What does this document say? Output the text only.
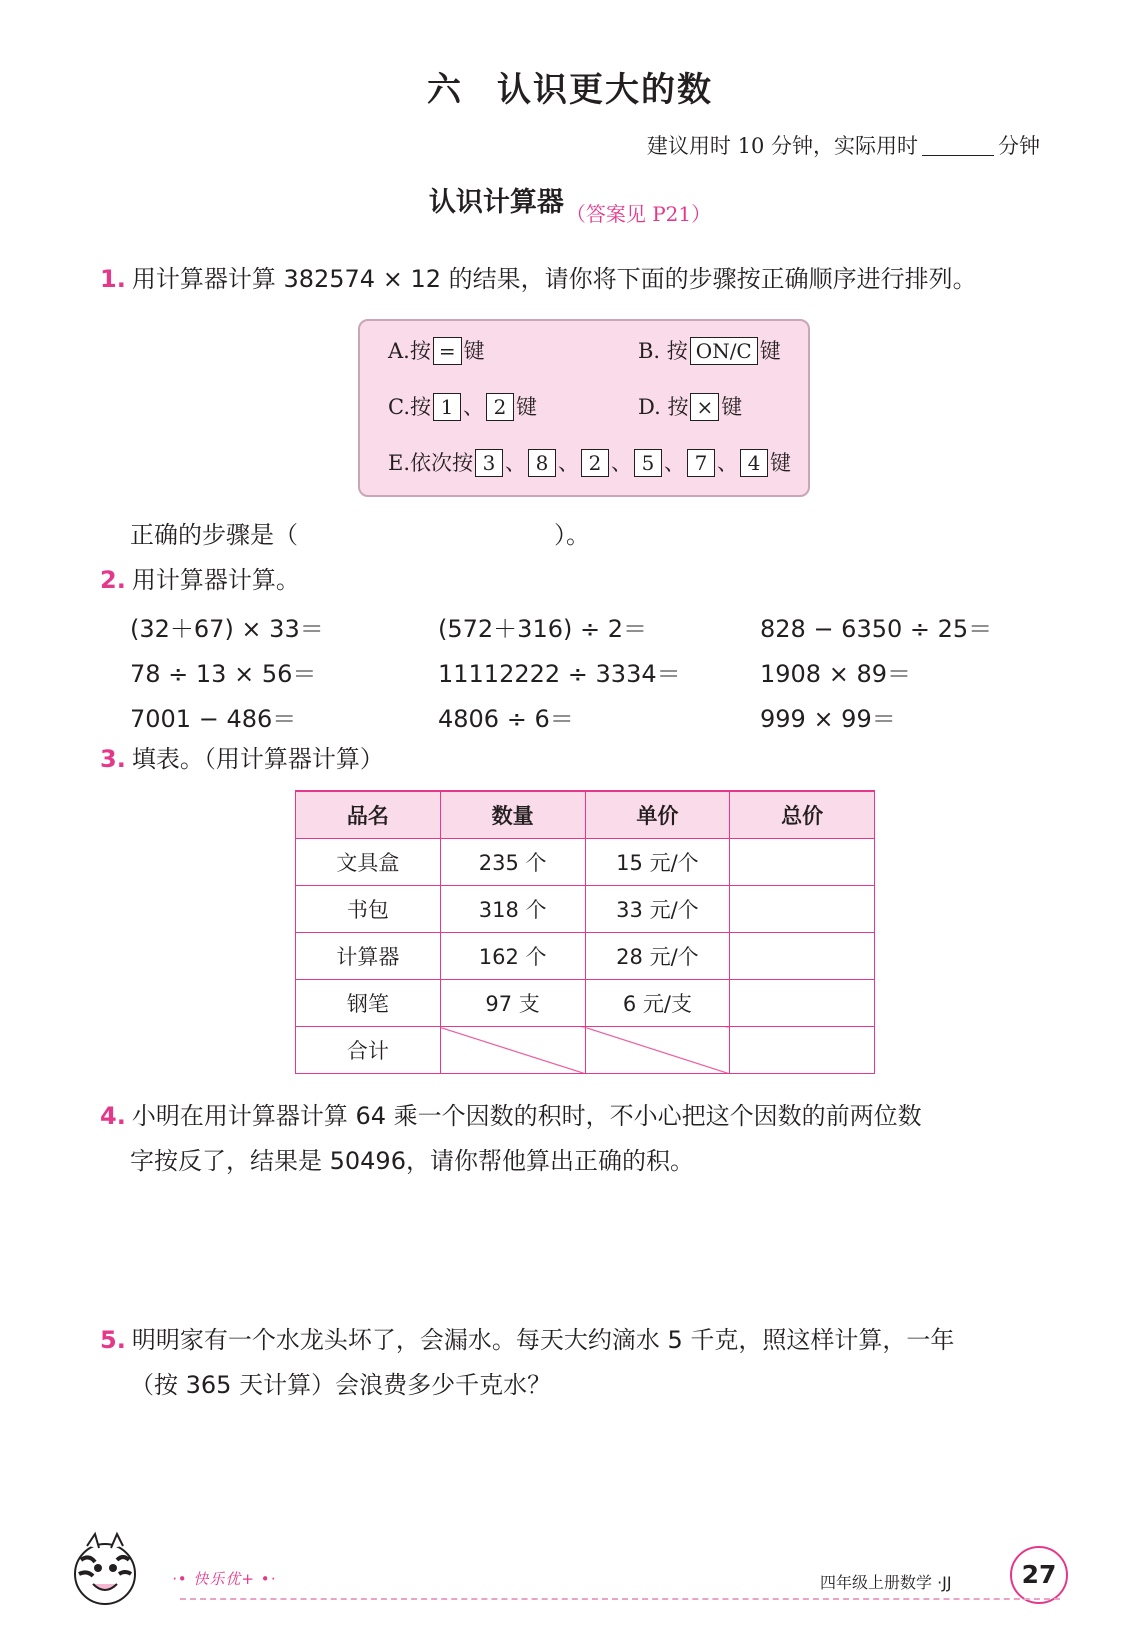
六 认识更大的数
建议用时 10 分钟，实际用时	分钟
认识计算器 $_{(答案见 P21)}$
1. 用计算器计算 382574 × 12 的结果，请你将下面的步骤按正确顺序进行排列。
A.按 = 键	B. 按 ON/C 键
C.按 1 、 2 键	D. 按 × 键
E.依次按 3 、 8 、 2 、 5 、 7 、 4 键
正确的步骤是（	）。
2. 用计算器计算。
(32＋67) × 33＝	(572＋316) ÷ 2＝	828 − 6350 ÷ 25＝
78 ÷ 13 × 56＝	11112222 ÷ 3334＝	1908 × 89＝
7001 − 486＝	4806 ÷ 6＝	999 × 99＝
3. 填表。（用计算器计算）
品名	数量	单价	总价
文具盒	235 个	15 元/个	
书包	318 个	33 元/个	
计算器	162 个	28 元/个	
钢笔	97 支	6 元/支	
合计			
4. 小明在用计算器计算 64 乘一个因数的积时，不小心把这个因数的前两位数
字按反了，结果是 50496，请你帮他算出正确的积。
5. 明明家有一个水龙头坏了，会漏水。每天大约滴水 5 千克，照这样计算，一年
（按 365 天计算）会浪费多少千克水？
·• 快乐优+ •·	四年级上册数学 ·JJ	27
